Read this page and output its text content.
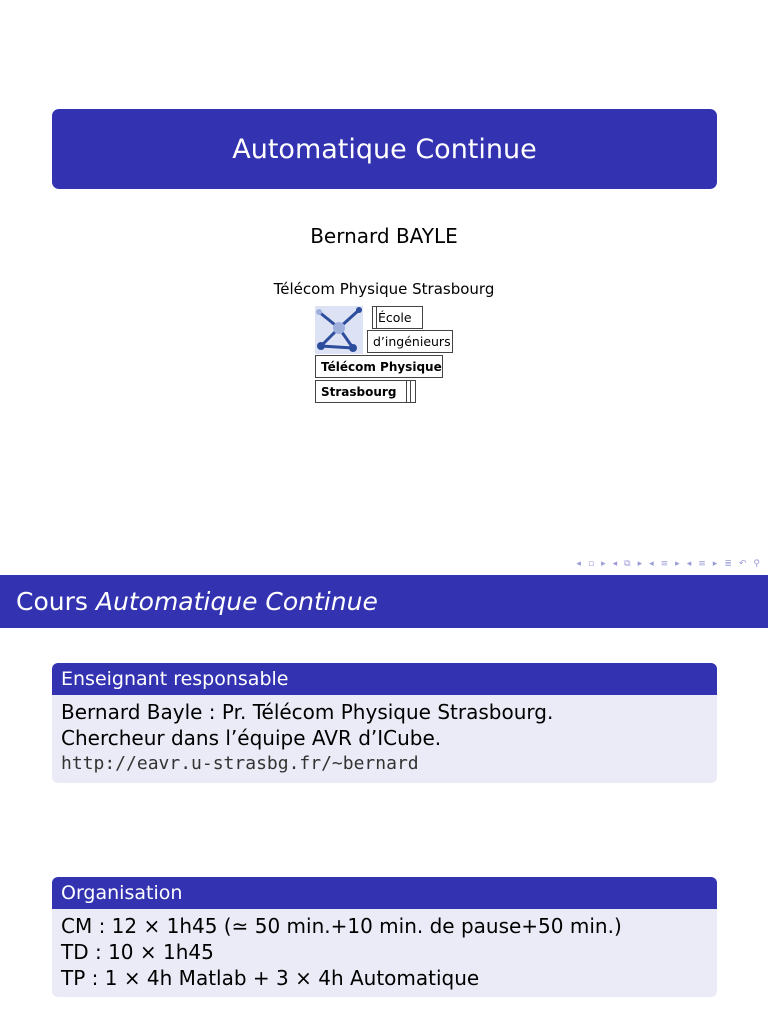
Automatique Continue
Bernard BAYLE
Télécom Physique Strasbourg
École
d’ingénieurs
Télécom Physique
Strasbourg
◂ ▫ ▸ ◂ ⧉ ▸ ◂ ≡ ▸ ◂ ≡ ▸ ≣ ↶ ⚲
Cours Automatique Continue
Enseignant responsable
Bernard Bayle : Pr. Télécom Physique Strasbourg.
Chercheur dans l’équipe AVR d’ICube.
http://eavr.u-strasbg.fr/~bernard
Organisation
CM : 12 × 1h45 (≃ 50 min.+10 min. de pause+50 min.)
TD : 10 × 1h45
TP : 1 × 4h Matlab + 3 × 4h Automatique
